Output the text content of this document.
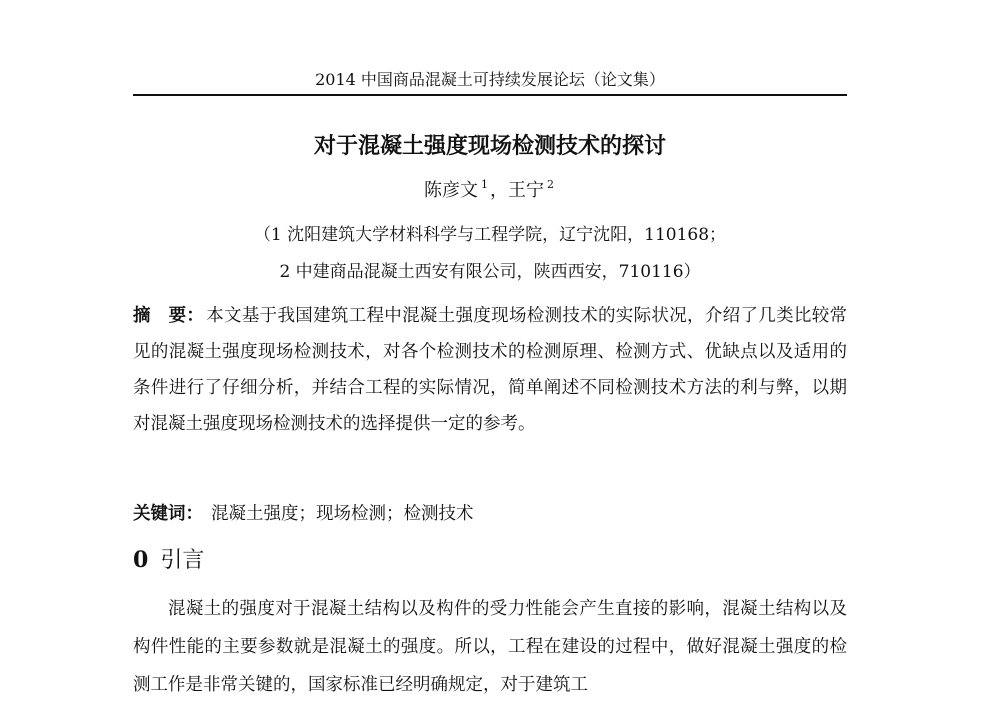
2014 中国商品混凝土可持续发展论坛（论文集）
对于混凝土强度现场检测技术的探讨
陈彦文 $^1$ ，王宁 $^2$
（1 沈阳建筑大学材料科学与工程学院，辽宁沈阳，110168；
2 中建商品混凝土西安有限公司，陕西西安，710116）
摘　要： 本文基于我国建筑工程中混凝土强度现场检测技术的实际状况，介绍了几类比较常见的混凝土强度现场检测技术，对各个检测技术的检测原理、检测方式、优缺点以及适用的条件进行了仔细分析，并结合工程的实际情况，简单阐述不同检测技术方法的利与弊，以期对混凝土强度现场检测技术的选择提供一定的参考。
关键词： 混凝土强度；现场检测；检测技术
0 引言
混凝土的强度对于混凝土结构以及构件的受力性能会产生直接的影响，混凝土结构以及构件性能的主要参数就是混凝土的强度。所以，工程在建设的过程中，做好混凝土强度的检测工作是非常关键的，国家标准已经明确规定，对于建筑工
